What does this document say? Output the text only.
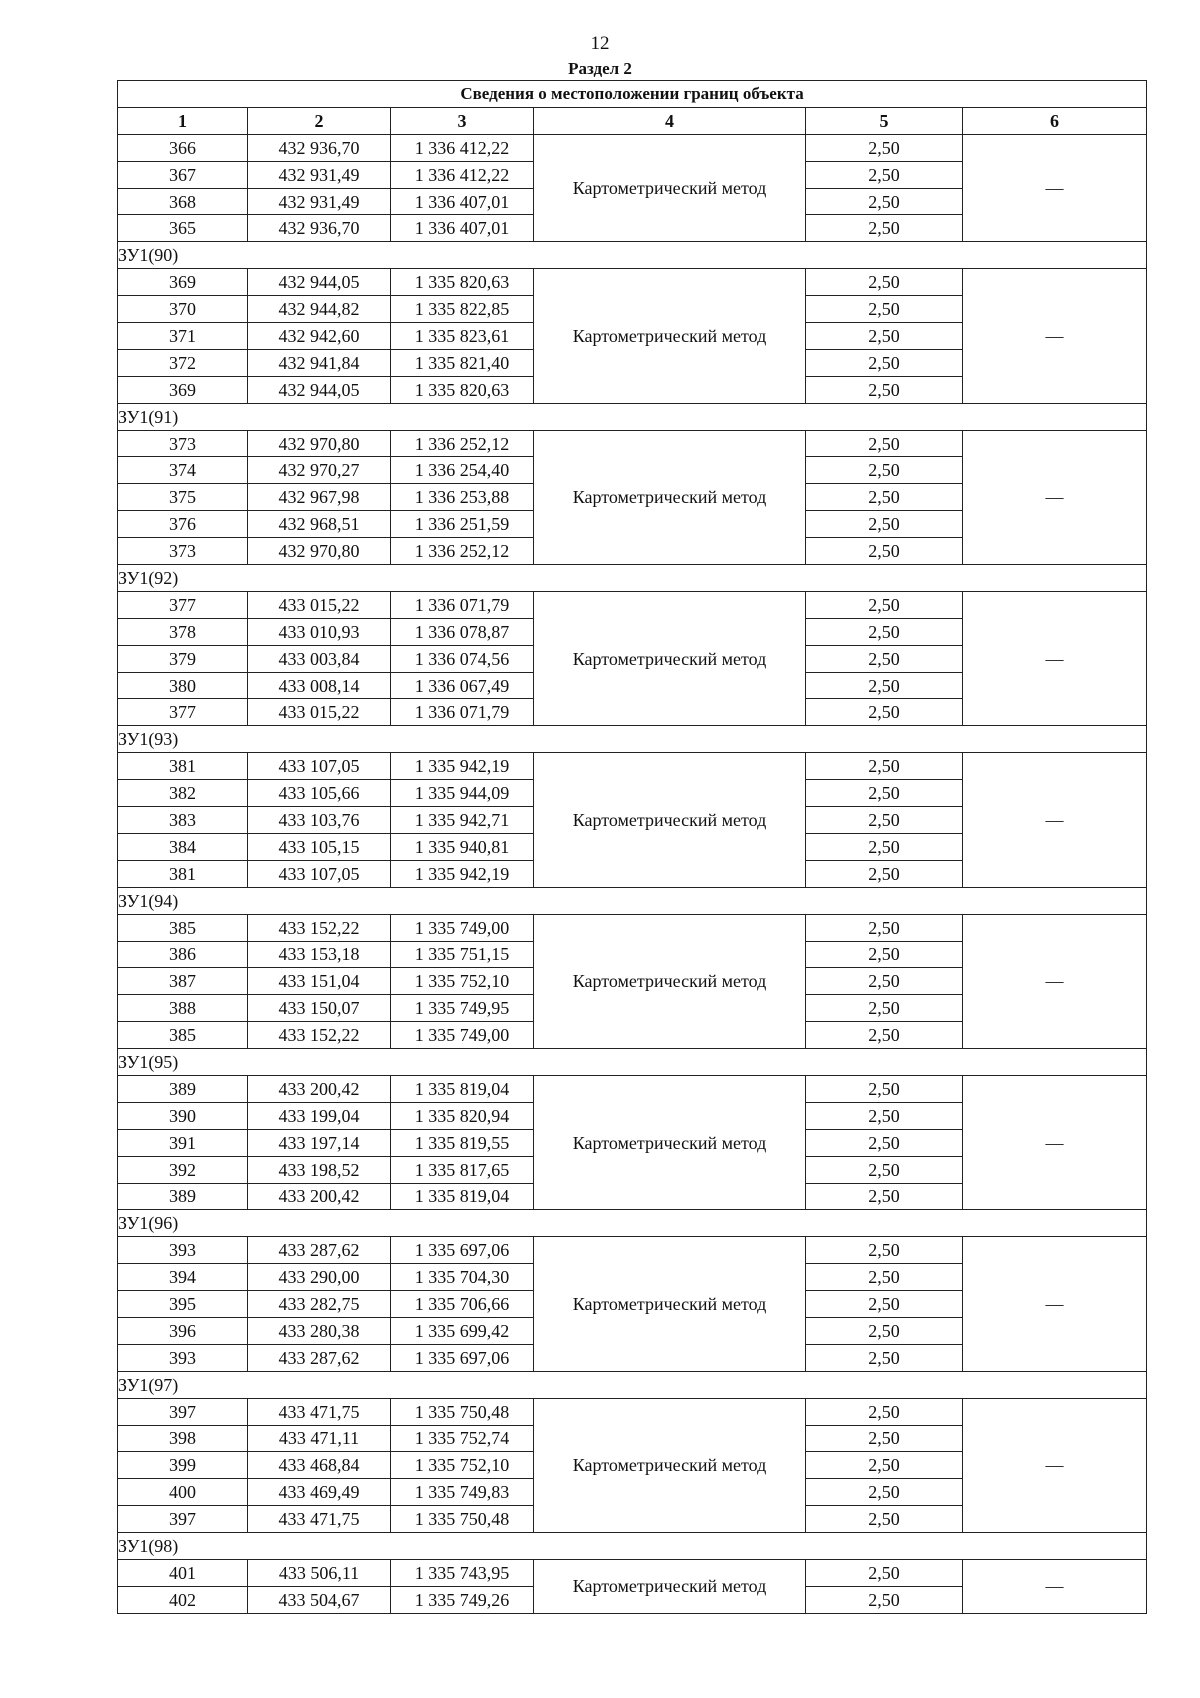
12
Раздел 2
Сведения о местоположении границ объекта					
1	2	3	4	5	6
366	432 936,70	1 336 412,22	Картометрический метод	2,50	—
367	432 931,49	1 336 412,22		2,50	
368	432 931,49	1 336 407,01		2,50	
365	432 936,70	1 336 407,01		2,50	
ЗУ1(90)					
369	432 944,05	1 335 820,63	Картометрический метод	2,50	—
370	432 944,82	1 335 822,85		2,50	
371	432 942,60	1 335 823,61		2,50	
372	432 941,84	1 335 821,40		2,50	
369	432 944,05	1 335 820,63		2,50	
ЗУ1(91)					
373	432 970,80	1 336 252,12	Картометрический метод	2,50	—
374	432 970,27	1 336 254,40		2,50	
375	432 967,98	1 336 253,88		2,50	
376	432 968,51	1 336 251,59		2,50	
373	432 970,80	1 336 252,12		2,50	
ЗУ1(92)					
377	433 015,22	1 336 071,79	Картометрический метод	2,50	—
378	433 010,93	1 336 078,87		2,50	
379	433 003,84	1 336 074,56		2,50	
380	433 008,14	1 336 067,49		2,50	
377	433 015,22	1 336 071,79		2,50	
ЗУ1(93)					
381	433 107,05	1 335 942,19	Картометрический метод	2,50	—
382	433 105,66	1 335 944,09		2,50	
383	433 103,76	1 335 942,71		2,50	
384	433 105,15	1 335 940,81		2,50	
381	433 107,05	1 335 942,19		2,50	
ЗУ1(94)					
385	433 152,22	1 335 749,00	Картометрический метод	2,50	—
386	433 153,18	1 335 751,15		2,50	
387	433 151,04	1 335 752,10		2,50	
388	433 150,07	1 335 749,95		2,50	
385	433 152,22	1 335 749,00		2,50	
ЗУ1(95)					
389	433 200,42	1 335 819,04	Картометрический метод	2,50	—
390	433 199,04	1 335 820,94		2,50	
391	433 197,14	1 335 819,55		2,50	
392	433 198,52	1 335 817,65		2,50	
389	433 200,42	1 335 819,04		2,50	
ЗУ1(96)					
393	433 287,62	1 335 697,06	Картометрический метод	2,50	—
394	433 290,00	1 335 704,30		2,50	
395	433 282,75	1 335 706,66		2,50	
396	433 280,38	1 335 699,42		2,50	
393	433 287,62	1 335 697,06		2,50	
ЗУ1(97)					
397	433 471,75	1 335 750,48	Картометрический метод	2,50	—
398	433 471,11	1 335 752,74		2,50	
399	433 468,84	1 335 752,10		2,50	
400	433 469,49	1 335 749,83		2,50	
397	433 471,75	1 335 750,48		2,50	
ЗУ1(98)					
401	433 506,11	1 335 743,95	Картометрический метод	2,50	—
402	433 504,67	1 335 749,26		2,50	
